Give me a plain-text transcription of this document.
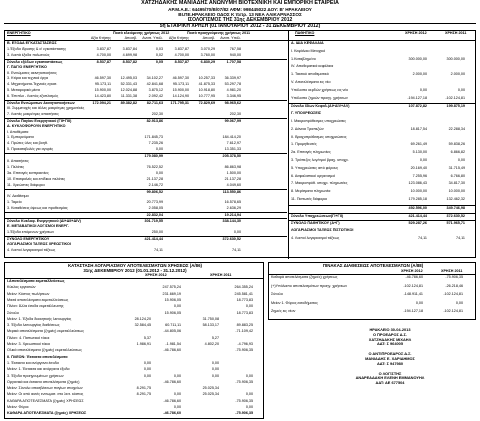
ΧΑΤΖΗΔΑΚΗΣ ΜΑΝΙΑΔΗΣ ΑΝΩΝΥΜΗ ΒΙΟΤΕΧΝΙΚΗ ΚΑΙ ΕΜΠΟΡΙΚΗ ΕΤΑΙΡΕΙΑ
ΑΡ.Μ.Α.Ε.: 64495/70/Β/07/82 ΑΦΜ: 998445022 ΔΟΥ: Β' ΗΡΑΚΛΕΙΟΥ
ΒΙ.ΠΕ.ΗΡΑΚΛΕΙΟ ΟΔΟΣ Κ πετρ. 13 ΝΕΑ ΑΛΙΚΑΡΝΑΣΣΟΣ
ΙΣΟΛΟΓΙΣΜΟΣ ΤΗΣ 31ης ΔΕΚΕΜΒΡΙΟΥ 2012
5η ΕΤΑΙΡΙΚΗ ΧΡΗΣΗ (01 ΙΑΝΟΥΑΡΙΟΥ 2012 - 31 ΔΕΚΕΜΒΡΙΟΥ 2012)
ΕΝΕΡΓΗΤΙΚΟ	Ποσά κλειόμενης χρήσεως 2012	Ποσά προηγούμενης χρήσεως 2011	ΠΑΘΗΤΙΚΟ	ΧΡΗΣΗ 2012	ΧΡΗΣΗ 2011
Αξία Κτήσης	Αποσβ.	Αναπ. Υπόλ.	Αξία Κτήσης	Αποσβ.	Αναπ. Υπόλ.
Β. ΕΞΟΔΑ ΕΓΚΑΤΑΣΤΑΣΕΩΣ
1.Έξοδα ίδρυσης & α' εγκατάστασης	3.837,87	3.837,84	0,03	3.837,87	3.070,29	767,58
3. Λοιπά έξοδα πολυετούς	4.700,00	4.699,98	0,02	4.700,00	3.760,00	940,00
Σύνολο εξόδων εγκαταστάσεως	8.537,87	8.537,82	0,05	8.537,87	6.830,29	1.707,58
Γ. ΠΑΓΙΟ ΕΝΕΡΓΗΤΙΚΟ
ΙΙ. Ενσώματες ακινητοποιήσεις
3. Κτίρια και τεχνικά έργα	46.597,30	12.495,03	34.102,27	46.597,30	10.257,33	36.339,97
4. Μηχανήματα-Τεχνικές εγκατ.	95.173,11	52.331,43	42.841,68	95.173,11	41.875,33	53.297,78
5. Μεταφορικά μέσα	15.900,00	12.024,88	3.875,12	15.900,00	10.918,80	4.981,20
6. Έπιπλα - Λοιπός εξοπλισμός	14.423,80	11.331,38	2.092,42	14.124,90	10.777,95	3.346,95
Σύνολο Ενσώματων Ακινητοποιήσεων	172.094,21	89.382,82	82.711,63	171.795,31	72.829,69	98.965,62
ΙΙΙ. Συμμετοχές και άλλες μακρ/σμες χρηματ/κές
7. Λοιπές μακρ/σμες απαιτήσεις	202,30	202,30
Σύνολο Παγίου Ενεργητικού (ΓΙΙ+ΓΙΙΙ)	82.913,86	99.067,99
Δ. ΚΥΚΛΟΦΟΡΟΥΝ ΕΝΕΡΓΗΤΙΚΟ
Ι. Αποθέματα
1. Εμπορεύματα	171.845,73	184.414,20
4. Πρώτες ύλες και βοηθ.	7.235,26	7.612,97
5. Προκαταβολές για αγορές	0,00	13.351,33
179.080,99	205.378,50
ΙΙ. Απαιτήσεις
1. Πελάτες	76.522,52	86.863,98
3α. Επιταγές εισπρακτέες	0,00	1.500,00
10. Επισφαλείς και επίδικοι πελάτες	21.137,28	21.137,28
11. Χρεώστες διάφοροι	2.146,72	4.049,60
99.806,52	113.550,86
IV. Διαθέσιμα
1. Ταμείο	20.773,99	16.578,65
3. Καταθέσεις όψεως και προθεσμίας	2.058,05	2.636,29
22.832,04	19.214,94
Σύνολο Κυκλοφ. Ενεργητικού (ΔΙ+ΔΙΙ+ΔΙV)	301.719,55	338.144,30
Ε. ΜΕΤΑΒΑΤΙΚΟΙ ΛΟΓ/ΣΜΟΙ ΕΝΕΡΓ.
1.Έξοδα επόμενων χρήσεων	250,00	0,00
ΣΥΝΟΛΟ ΕΝΕΡΓΗΤΙΚΟΥ	421.414,44	372.630,52
ΛΟΓΑΡΙΑΣΜΟΙ ΤΑΞΕΩΣ ΧΡΕΩΣΤΙΚΟΙ
4. Λοιποί λογαριασμοί τάξεως	74,11	74,11
Α. ΙΔΙΑ ΚΕΦΑΛΑΙΑ
Ι. Κεφάλαιο Μετοχικό
1.Καταβλημένο	300.000,00	300.000,00
ΙV. Αποθεματικά κεφάλαια
1. Τακτικό αποθεματικό	2.000,00	2.000,00
V. Αποτελέσματα εις νέο
Υπόλοιπο κερδών χρήσεως εις νέο	0,00	0,00
Υπόλοιπο ζημιών προηγ. χρήσεων	-194.127,18	-102.124,81
Σύνολο Ιδίων Κεφαλ.(ΑΙ+ΑΙV+ΑV)	107.872,82	199.875,19
Γ. ΥΠΟΧΡΕΩΣΕΙΣ
Ι. Μακροπρόθεσμες υποχρεώσεις
2. Δάνεια Τραπεζών	18.817,54	22.288,34
ΙΙ. Βραχυπρόθεσμες υποχρεώσεις
1. Προμηθευτές	69.261,49	59.838,26
2α. Επιταγές πληρωτέες	5.130,00	6.866,82
3. Τράπεζες λογ/σμοί βραχ. υποχρ.	0,00	0,00
5. Υποχρεώσεις από φόρους	20.169,40	31.715,49
6. Ασφαλιστικοί οργανισμοί	7.255,96	6.766,80
7. Μακροπρόθ. υποχρ. πληρωτέες	123.086,43	34.817,30
8. Μερίσματα πληρωτέα	10.000,00	10.000,00
11. Πιστωτές διάφοροι	179.285,18	132.462,32
492.596,00	349.746,98
Σύνολο Υποχρεώσεων(ΓΙ+ΓΙΙ)	421.414,44	372.630,52
ΣΥΝΟΛΟ ΠΑΘΗΤΙΚΟΥ (Α+Γ)	529.287,26	571.965,71
ΛΟΓΑΡΙΑΣΜΟΙ ΤΑΞΕΩΣ ΠΙΣΤΩΤΙΚΟΙ
4. Λοιποί λογαριασμοί τάξεως	74,11	74,11
ΚΑΤΑΣΤΑΣΗ ΛΟΓΑΡΙΑΣΜΟΥ ΑΠΟΤΕΛΕΣΜΑΤΩΝ ΧΡΗΣΕΩΣ (Α/86)
31ης ΔΕΚΕΜΒΡΙΟΥ 2012 (01.01.2012 - 31.12.2012)
ΧΡΗΣΗ 2012	ΧΡΗΣΗ 2011
Ι.Αποτελέσματα εκμεταλλεύσεως
Κύκλος εργασιών	247.575,24	264.355,24
Μείον: Κόστος πωλήσεων	231.669,19	245.581,41
Μικτά αποτελέσματα εκμεταλλεύσεως	15.906,05	18.773,83
Πλέον: Άλλα έσοδα εκμετάλλευσης	0,00	0,00
Σύνολο	15.906,05	18.773,83
Μείον: 1. Έξοδα διοικητικής λειτουργίας	28.124,20	31.750,08
3. Έξοδα λειτουργίας διαθέσεως	32.584,45	60.711,11	58.133,17	89.883,25
Μερικά αποτελέσματα (ζημιές) εκμεταλλεύσεως	-44.805,06	-71.109,42
Πλέον: 4. Πιστωτικοί τόκοι	5,37	5,27
Μείον: 3. Χρεωστικοί τόκοι	1.986,91	-1.981,54	4.802,20	-4.796,93
Ολικά αποτελέσματα (ζημιές) εκμεταλλεύσεως	-46.786,60	-75.906,35
ΙΙ. ΠΛΕΟΝ: Έκτακτα αποτελέσματα
1. Έκτακτα και ανόργανα έσοδα	0,00	0,00
Μείον: 1. Έκτακτα και ανόργανα έξοδα	0,00	0,00
3. Έξοδα προηγουμένων χρήσεων	0,00	0,00	0,00	0,00
Οργανικά και έκτακτα αποτελέσματα (ζημιές)	-46.786,60	-75.906,35
Μείον: Σύνολο αποσβέσεων παγίων στοιχείων	8.291,75	25.025,34
Μείον: Οι από αυτές ενσωματ. στο λειτ. κόστος	8.291,75	0,00	25.025,34	0,00
ΚΑΘΑΡΑ ΑΠΟΤΕΛΕΣΜΑΤΑ (ζημιές) ΧΡΗΣΕΩΣ	-46.786,60	-75.906,35
Μείον: Φόροι	0,00	0,00
ΚΑΘΑΡΑ ΑΠΟΤΕΛΕΣΜΑΤΑ (ζημιές) ΧΡΗΣΕΩΣ	-46.786,60	-75.906,35
ΠΙΝΑΚΑΣ ΔΙΑΘΕΣΕΩΣ ΑΠΟΤΕΛΕΣΜΑΤΩΝ (Α/88)
ΧΡΗΣΗ 2012	ΧΡΗΣΗ 2011
Καθαρά αποτελέσματα (ζημιές) χρήσεως	-46.786,60	-75.906,35
(+)Υπόλοιπο αποτελεσμάτων προηγ. χρήσεων	-102.124,81	-26.218,46
Σύνολο	-148.911,41	-102.124,81
Μείον 1. Φόρος εισοδήματος	0,00	0,00
Ζημιές εις νέον	-194.127,18	-102.124,81
ΗΡΑΚΛΕΙΟ 30-04-2013
Ο ΠΡΟΕΔΡΟΣ Δ.Σ.
ΧΑΤΖΗΔΑΚΗΣ ΜΙΧΑΗΛ
ΑΔΤ: Σ 964005
Ο ΑΝΤΙΠΡΟΕΔΡΟΣ Δ.Σ.
ΜΑΝΙΑΔΗΣ Ε. ΧΑΡΙΔΗΜΟΣ
ΑΔΤ: Σ 947980
Ο ΛΟΓΙΣΤΗΣ
ΑΝΔΡΕΑΔΑΚΗ ΕΛΕΝΗ ΕΜΜΑΝΟΥΗΛ
ΑΔΤ: ΑΕ 677504
